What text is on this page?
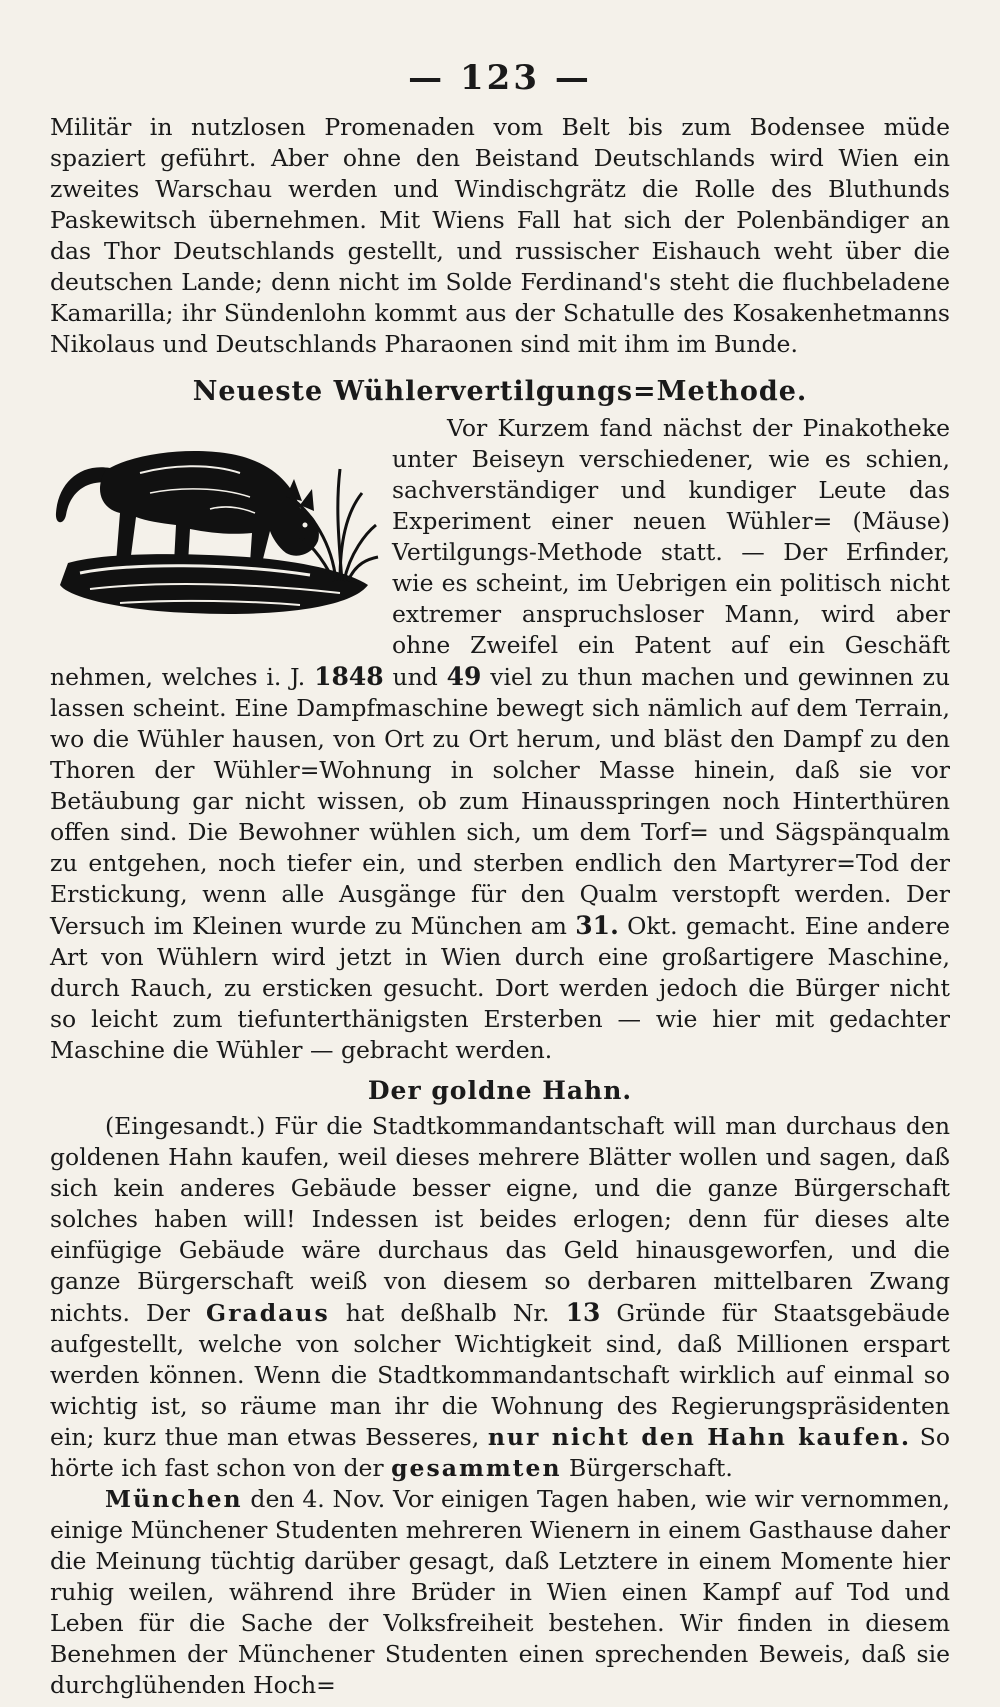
— 123 —

Militär in nutzlosen Promenaden vom Belt bis zum Bodensee müde spaziert geführt. Aber ohne den Beistand Deutschlands wird Wien ein zweites Warschau werden und Windischgrätz die Rolle des Bluthunds Paskewitsch übernehmen. Mit Wiens Fall hat sich der Polenbändiger an das Thor Deutschlands gestellt, und russischer Eishauch weht über die deutschen Lande; denn nicht im Solde Ferdinand's steht die fluchbeladene Kamarilla; ihr Sündenlohn kommt aus der Schatulle des Kosakenhetmanns Nikolaus und Deutschlands Pharaonen sind mit ihm im Bunde.

Neueste Wühlervertilgungs=Methode.

Vor Kurzem fand nächst der Pinakotheke unter Beiseyn verschiedener, wie es schien, sachverständiger und kundiger Leute das Experiment einer neuen Wühler= (Mäuse) Vertilgungs-Methode statt. — Der Erfinder, wie es scheint, im Uebrigen ein politisch nicht extremer anspruchsloser Mann, wird aber ohne Zweifel ein Patent auf ein Geschäft nehmen, welches i. J. 1848 und 49 viel zu thun machen und gewinnen zu lassen scheint. Eine Dampfmaschine bewegt sich nämlich auf dem Terrain, wo die Wühler hausen, von Ort zu Ort herum, und bläst den Dampf zu den Thoren der Wühler=Wohnung in solcher Masse hinein, daß sie vor Betäubung gar nicht wissen, ob zum Hinausspringen noch Hinterthüren offen sind. Die Bewohner wühlen sich, um dem Torf= und Sägspänqualm zu entgehen, noch tiefer ein, und sterben endlich den Martyrer=Tod der Erstickung, wenn alle Ausgänge für den Qualm verstopft werden. Der Versuch im Kleinen wurde zu München am 31. Okt. gemacht. Eine andere Art von Wühlern wird jetzt in Wien durch eine großartigere Maschine, durch Rauch, zu ersticken gesucht. Dort werden jedoch die Bürger nicht so leicht zum tiefunterthänigsten Ersterben — wie hier mit gedachter Maschine die Wühler — gebracht werden.

Der goldne Hahn.

(Eingesandt.) Für die Stadtkommandantschaft will man durchaus den goldenen Hahn kaufen, weil dieses mehrere Blätter wollen und sagen, daß sich kein anderes Gebäude besser eigne, und die ganze Bürgerschaft solches haben will! Indessen ist beides erlogen; denn für dieses alte einfügige Gebäude wäre durchaus das Geld hinausgeworfen, und die ganze Bürgerschaft weiß von diesem so derbaren mittelbaren Zwang nichts. Der Gradaus hat deßhalb Nr. 13 Gründe für Staatsgebäude aufgestellt, welche von solcher Wichtigkeit sind, daß Millionen erspart werden können. Wenn die Stadtkommandantschaft wirklich auf einmal so wichtig ist, so räume man ihr die Wohnung des Regierungspräsidenten ein; kurz thue man etwas Besseres, nur nicht den Hahn kaufen. So hörte ich fast schon von der gesammten Bürgerschaft.

München den 4. Nov. Vor einigen Tagen haben, wie wir vernommen, einige Münchener Studenten mehreren Wienern in einem Gasthause daher die Meinung tüchtig darüber gesagt, daß Letztere in einem Momente hier ruhig weilen, während ihre Brüder in Wien einen Kampf auf Tod und Leben für die Sache der Volksfreiheit bestehen. Wir finden in diesem Benehmen der Münchener Studenten einen sprechenden Beweis, daß sie durchglühenden Hoch=
